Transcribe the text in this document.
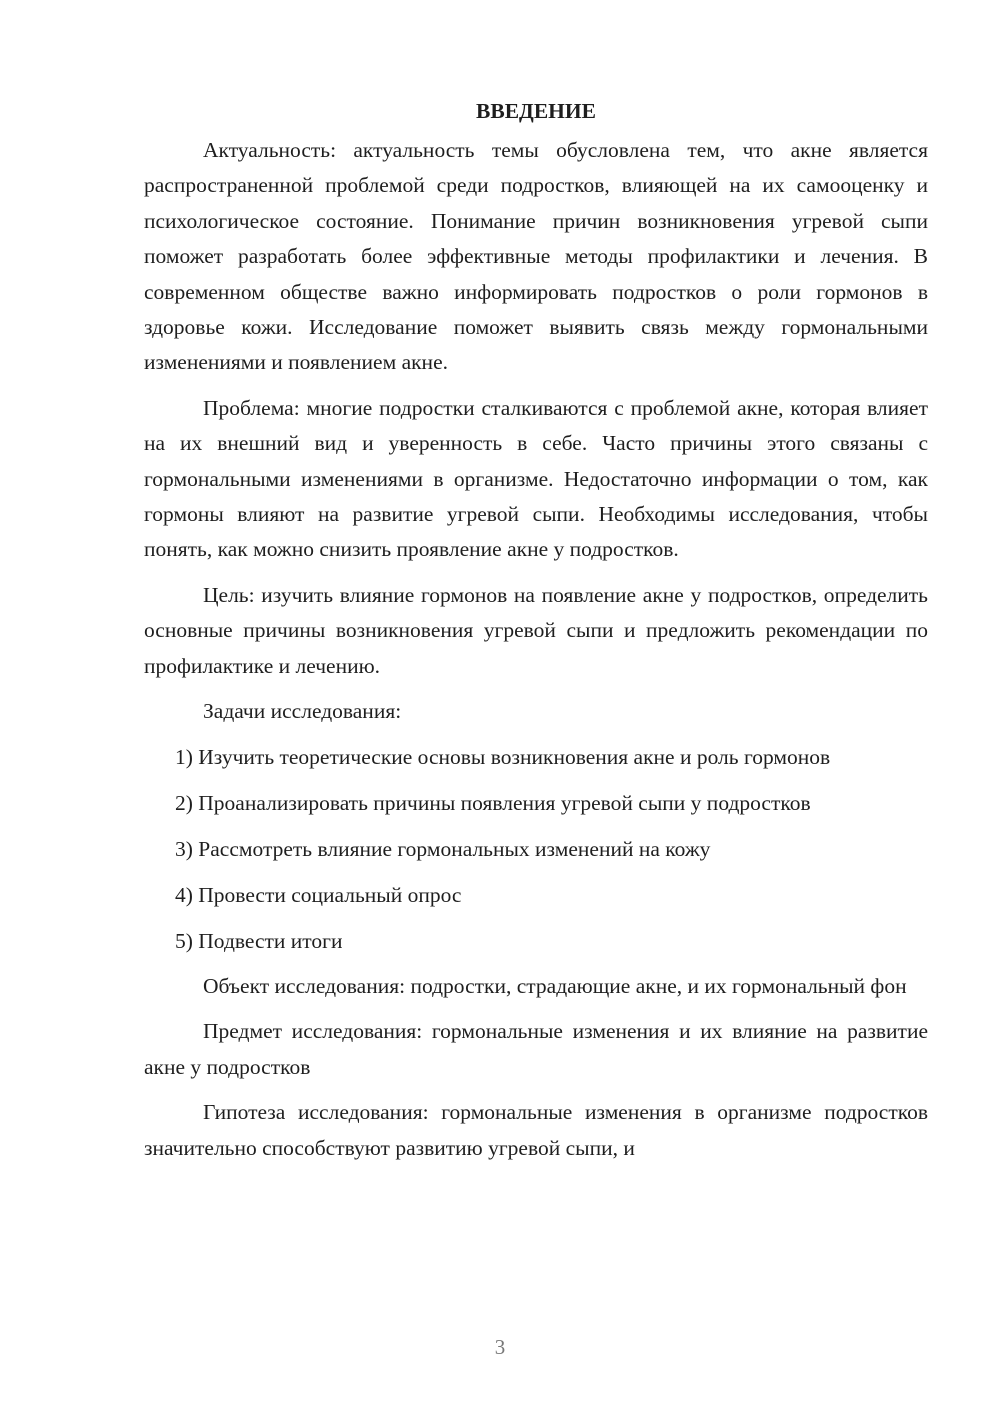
ВВЕДЕНИЕ

Актуальность: актуальность темы обусловлена тем, что акне является распространенной проблемой среди подростков, влияющей на их самооценку и психологическое состояние. Понимание причин возникновения угревой сыпи поможет разработать более эффективные методы профилактики и лечения. В современном обществе важно информировать подростков о роли гормонов в здоровье кожи. Исследование поможет выявить связь между гормональными изменениями и появлением акне.

Проблема: многие подростки сталкиваются с проблемой акне, которая влияет на их внешний вид и уверенность в себе. Часто причины этого связаны с гормональными изменениями в организме. Недостаточно информации о том, как гормоны влияют на развитие угревой сыпи. Необходимы исследования, чтобы понять, как можно снизить проявление акне у подростков.

Цель: изучить влияние гормонов на появление акне у подростков, определить основные причины возникновения угревой сыпи и предложить рекомендации по профилактике и лечению.

Задачи исследования:

1) Изучить теоретические основы возникновения акне и роль гормонов

2) Проанализировать причины появления угревой сыпи у подростков

3) Рассмотреть влияние гормональных изменений на кожу

4) Провести социальный опрос

5) Подвести итоги

Объект исследования: подростки, страдающие акне, и их гормональный фон

Предмет исследования: гормональные изменения и их влияние на развитие акне у подростков

Гипотеза исследования: гормональные изменения в организме подростков значительно способствуют развитию угревой сыпи, и

3
